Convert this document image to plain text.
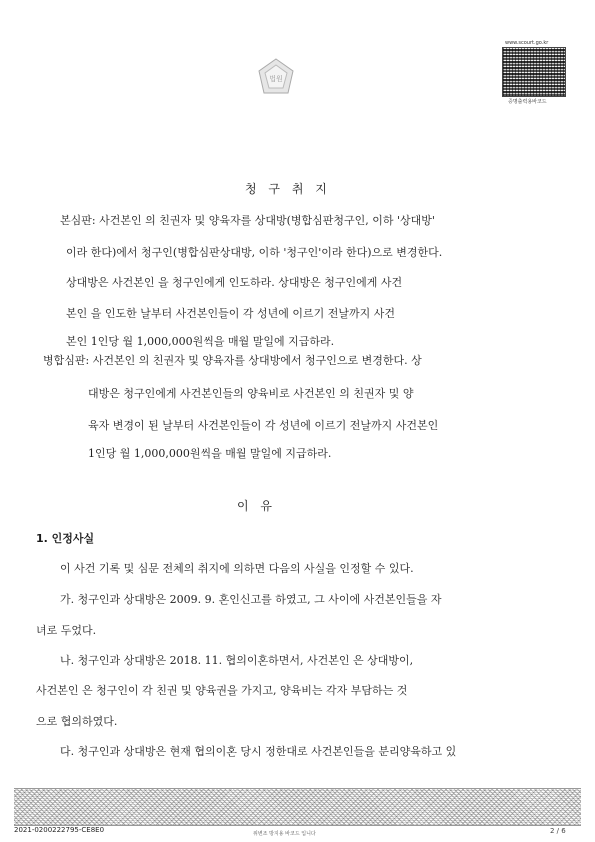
법원
www.scourt.go.kr
증명출력용바코드
청 구 취 지
본심판: 사건본인 의 친권자 및 양육자를 상대방(병합심판청구인, 이하 '상대방'
이라 한다)에서 청구인(병합심판상대방, 이하 '청구인'이라 한다)으로 변경한다.
상대방은 사건본인 을 청구인에게 인도하라. 상대방은 청구인에게 사건
본인 을 인도한 날부터 사건본인들이 각 성년에 이르기 전날까지 사건
본인 1인당 월 1,000,000원씩을 매월 말일에 지급하라.
병합심판: 사건본인 의 친권자 및 양육자를 상대방에서 청구인으로 변경한다. 상
대방은 청구인에게 사건본인들의 양육비로 사건본인 의 친권자 및 양
육자 변경이 된 날부터 사건본인들이 각 성년에 이르기 전날까지 사건본인
1인당 월 1,000,000원씩을 매월 말일에 지급하라.
이 유
1. 인정사실
이 사건 기록 및 심문 전체의 취지에 의하면 다음의 사실을 인정할 수 있다.
가. 청구인과 상대방은 2009. 9. 혼인신고를 하였고, 그 사이에 사건본인들을 자
녀로 두었다.
나. 청구인과 상대방은 2018. 11. 협의이혼하면서, 사건본인 은 상대방이,
사건본인 은 청구인이 각 친권 및 양육권을 가지고, 양육비는 각자 부담하는 것
으로 협의하였다.
다. 청구인과 상대방은 현재 협의이혼 당시 정한대로 사건본인들을 분리양육하고 있
2021-0200222795-CE8E0	위변조 방지용 바코드 입니다	2 / 6
